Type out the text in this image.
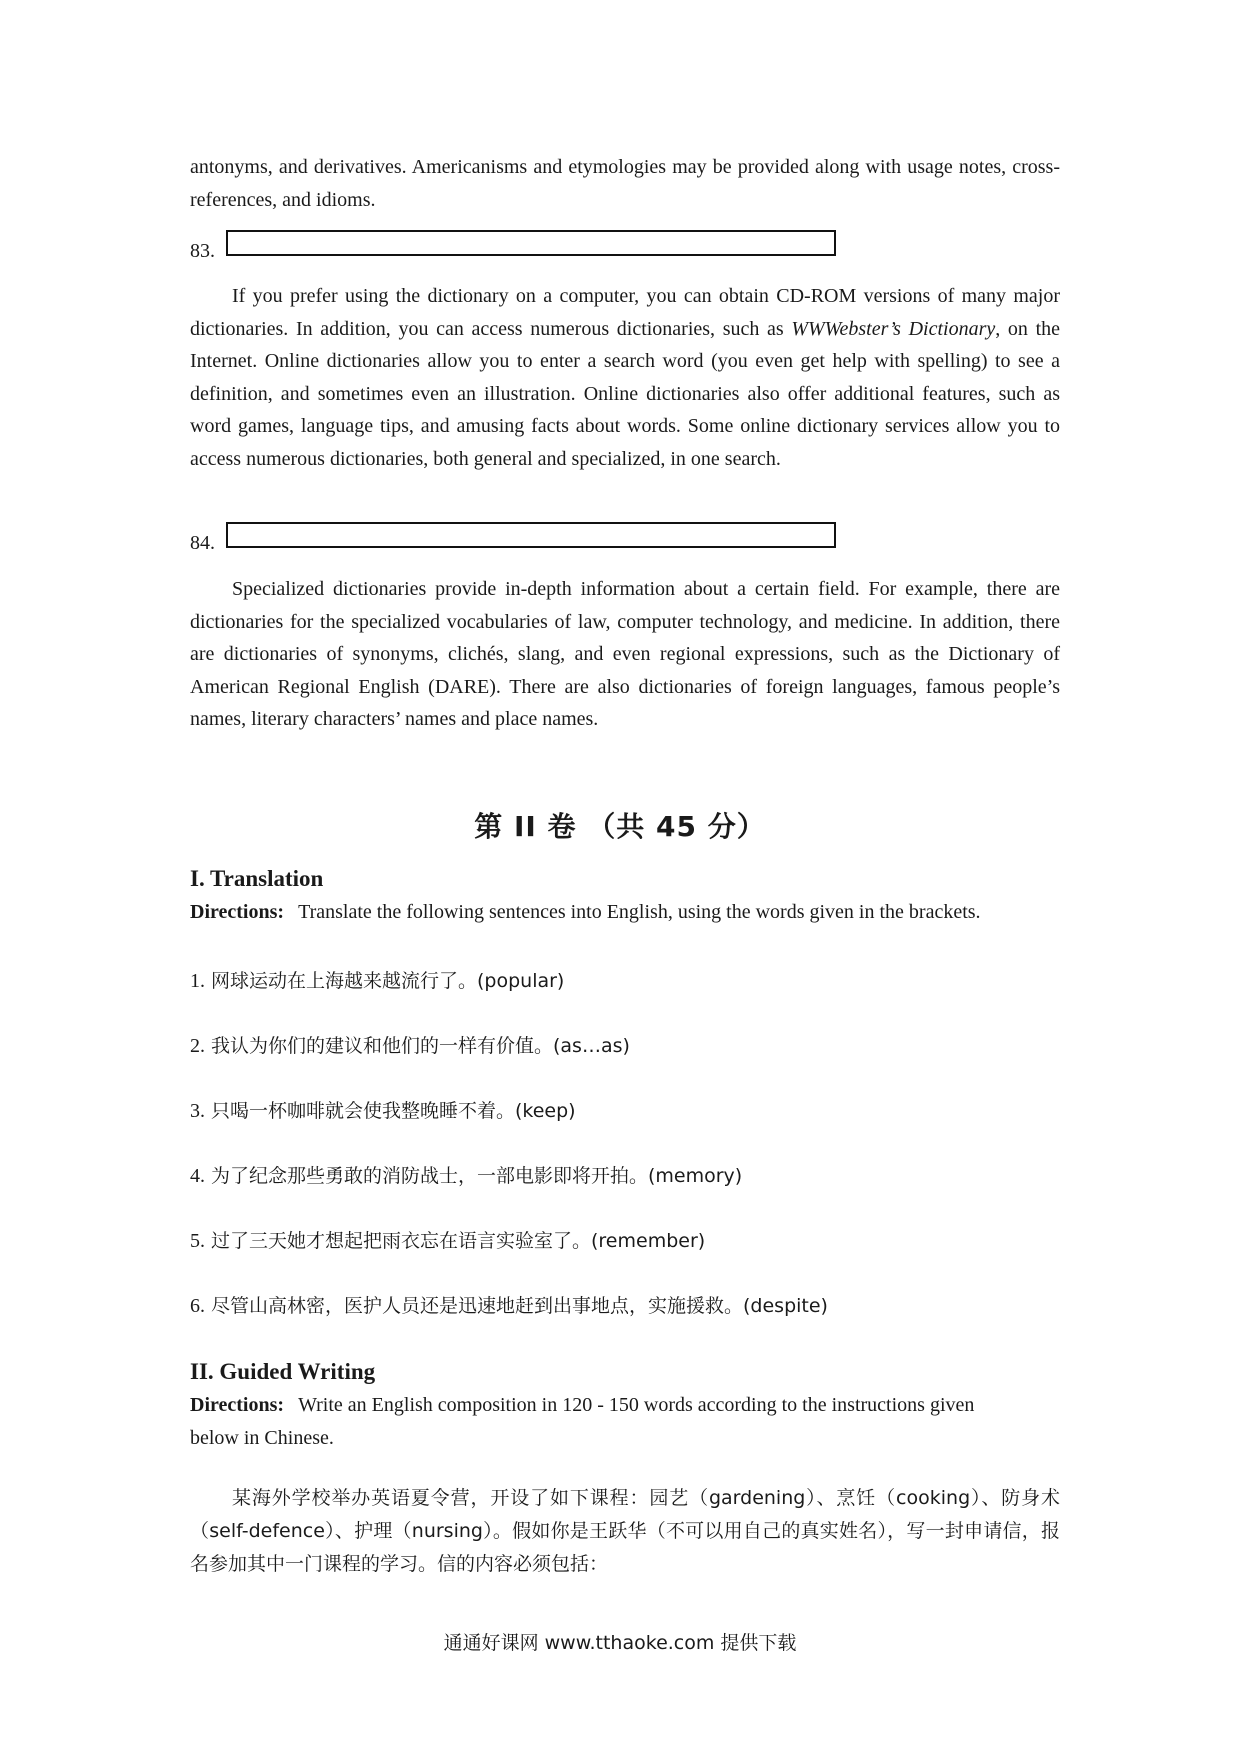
antonyms, and derivatives. Americanisms and etymologies may be provided along with usage notes, cross-references, and idioms.

83.

If you prefer using the dictionary on a computer, you can obtain CD-ROM versions of many major dictionaries. In addition, you can access numerous dictionaries, such as WWWebster’s Dictionary, on the Internet. Online dictionaries allow you to enter a search word (you even get help with spelling) to see a definition, and sometimes even an illustration. Online dictionaries also offer additional features, such as word games, language tips, and amusing facts about words. Some online dictionary services allow you to access numerous dictionaries, both general and specialized, in one search.

84.

Specialized dictionaries provide in-depth information about a certain field. For example, there are dictionaries for the specialized vocabularies of law, computer technology, and medicine. In addition, there are dictionaries of synonyms, clichés, slang, and even regional expressions, such as the Dictionary of American Regional English (DARE). There are also dictionaries of foreign languages, famous people’s names, literary characters’ names and place names.

第 II 卷 （共 45 分）
I. Translation

Directions: Translate the following sentences into English, using the words given in the brackets.

1. 网球运动在上海越来越流行了。(popular)
2. 我认为你们的建议和他们的一样有价值。(as…as)
3. 只喝一杯咖啡就会使我整晚睡不着。(keep)
4. 为了纪念那些勇敢的消防战士，一部电影即将开拍。(memory)
5. 过了三天她才想起把雨衣忘在语言实验室了。(remember)
6. 尽管山高林密，医护人员还是迅速地赶到出事地点，实施援救。(despite)
II. Guided Writing

Directions: Write an English composition in 120 - 150 words according to the instructions given below in Chinese.

某海外学校举办英语夏令营，开设了如下课程：园艺（gardening）、烹饪（cooking）、防身术（self-defence）、护理（nursing）。假如你是王跃华（不可以用自己的真实姓名），写一封申请信，报名参加其中一门课程的学习。信的内容必须包括：

通通好课网 www.tthaoke.com 提供下载
